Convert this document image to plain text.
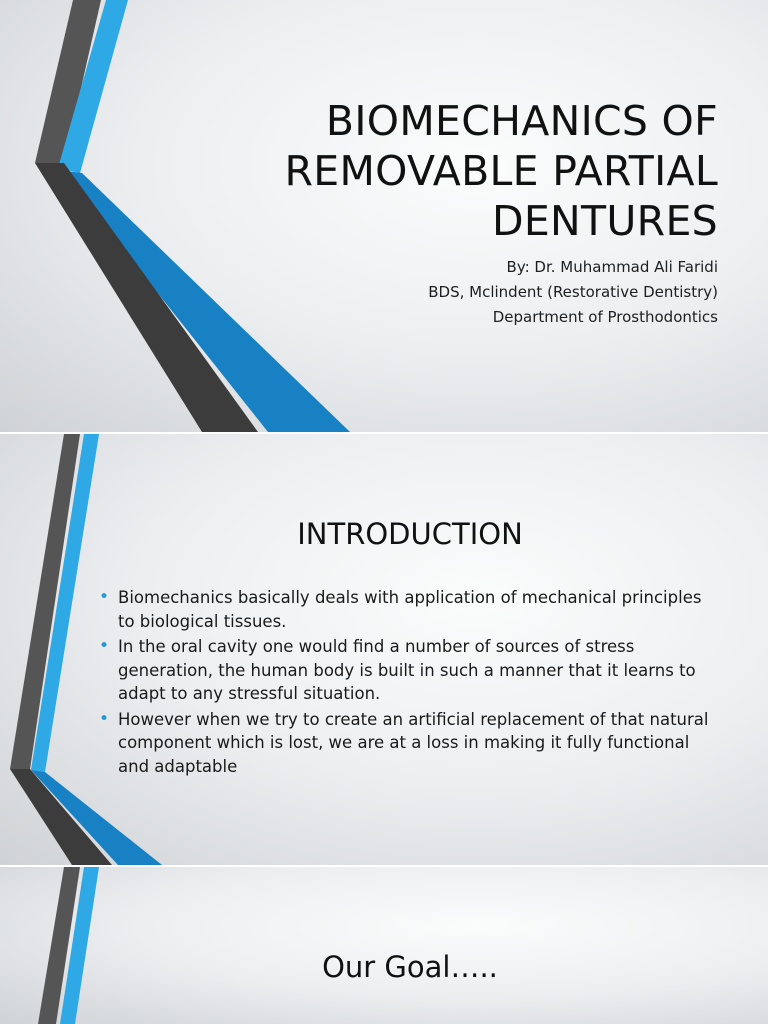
BIOMECHANICS OF
REMOVABLE PARTIAL
DENTURES
By: Dr. Muhammad Ali Faridi
BDS, Mclindent (Restorative Dentistry)
Department of Prosthodontics
INTRODUCTION
• Biomechanics basically deals with application of mechanical principles to biological tissues.
• In the oral cavity one would find a number of sources of stress generation, the human body is built in such a manner that it learns to adapt to any stressful situation.
• However when we try to create an artificial replacement of that natural component which is lost, we are at a loss in making it fully functional and adaptable
Our Goal…..
